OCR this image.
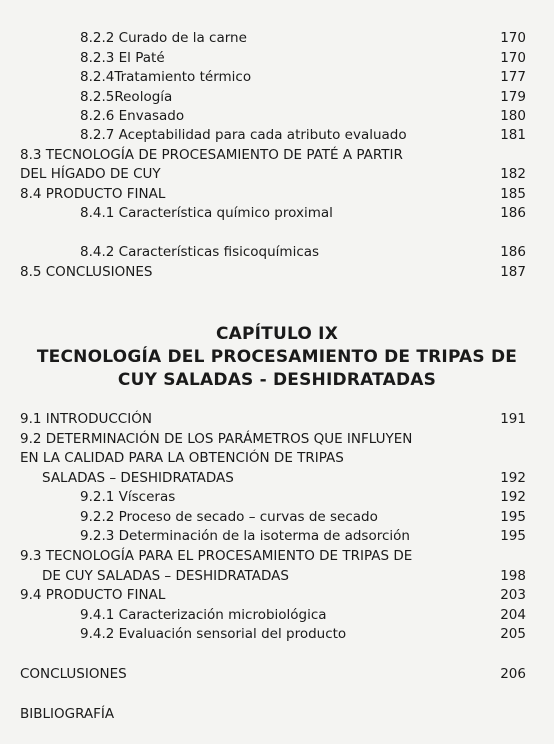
8.2.2 Curado de la carne	170
8.2.3 El Paté	170
8.2.4Tratamiento térmico	177
8.2.5Reología	179
8.2.6 Envasado	180
8.2.7 Aceptabilidad para cada atributo evaluado	181
8.3 TECNOLOGÍA DE PROCESAMIENTO DE PATÉ A PARTIR
DEL HÍGADO DE CUY	182
8.4 PRODUCTO FINAL	185
8.4.1 Característica químico proximal	186
8.4.2 Características fisicoquímicas	186
8.5 CONCLUSIONES	187
CAPÍTULO IX
TECNOLOGÍA DEL PROCESAMIENTO DE TRIPAS DE
CUY SALADAS - DESHIDRATADAS
9.1 INTRODUCCIÓN	191
9.2 DETERMINACIÓN DE LOS PARÁMETROS QUE INFLUYEN
EN LA CALIDAD PARA LA OBTENCIÓN DE TRIPAS
SALADAS – DESHIDRATADAS	192
9.2.1 Vísceras	192
9.2.2 Proceso de secado – curvas de secado	195
9.2.3 Determinación de la isoterma de adsorción	195
9.3 TECNOLOGÍA PARA EL PROCESAMIENTO DE TRIPAS DE
DE CUY SALADAS – DESHIDRATADAS	198
9.4 PRODUCTO FINAL	203
9.4.1 Caracterización microbiológica	204
9.4.2 Evaluación sensorial del producto	205
CONCLUSIONES	206
BIBLIOGRAFÍA
